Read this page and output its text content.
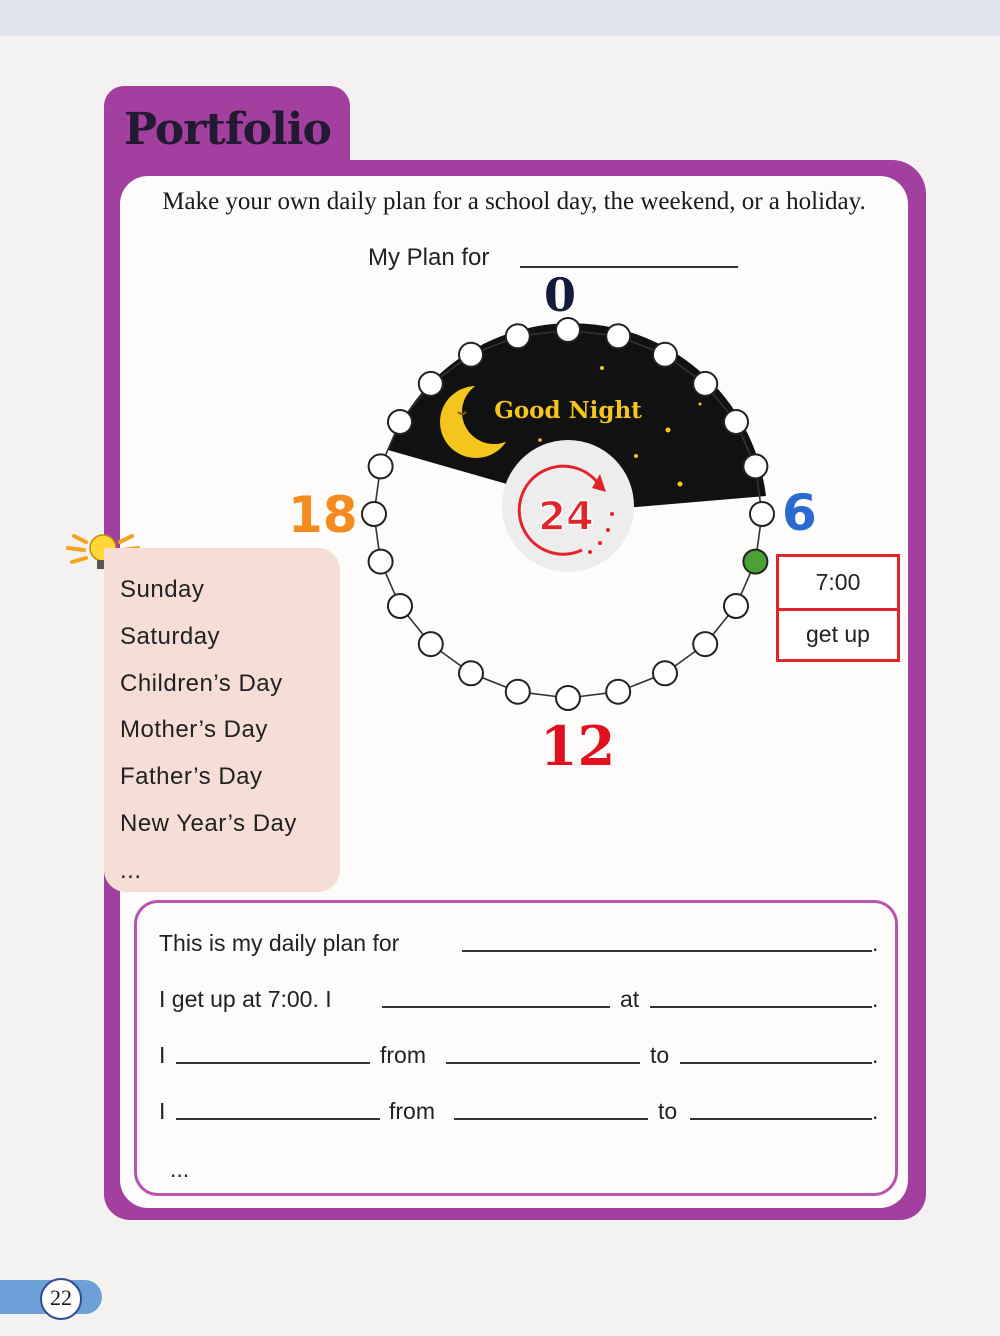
Portfolio
Make your own daily plan for a school day, the weekend, or a holiday.
My Plan for
24
Good Night
0
6
12
18
7:00
get up
Sunday
Saturday
Children’s Day
Mother’s Day
Father’s Day
New Year’s Day
...
This is my daily plan for	.
I get up at 7:00. I	at	.
I	from	to	.
I	from	to	.
...
22
